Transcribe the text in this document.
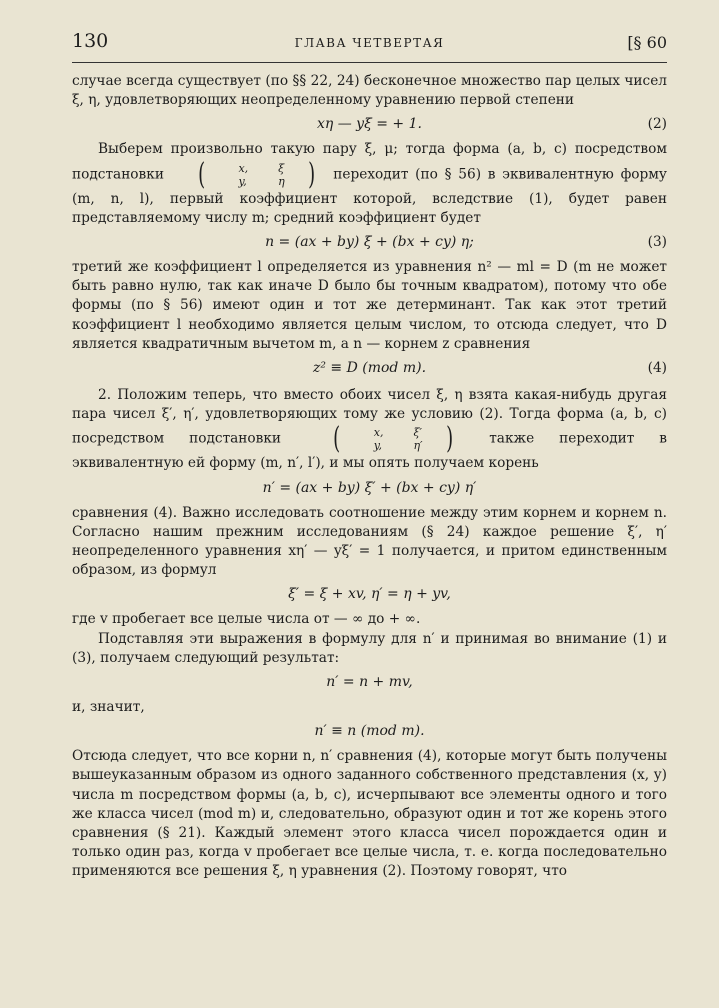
130	ГЛАВА ЧЕТВЕРТАЯ	[§ 60

случае всегда существует (по §§ 22, 24) бесконечное множество пар целых чисел ξ, η, удовлетворяющих неопределенному уравнению первой степени

xη — yξ = + 1.	(2)

Выберем произвольно такую пару ξ, μ; тогда форма (a, b, c) посредством подстановки	(	x,	ξ
y,	η ) переходит (по § 56) в эквивалентную форму (m, n, l), первый коэффициент которой, вследствие (1), будет равен представляемому числу m; средний коэффициент будет

n = (ax + by) ξ + (bx + cy) η;	(3)

третий же коэффициент l определяется из уравнения n² — ml = D (m не может быть равно нулю, так как иначе D было бы точным квадратом), потому что обе формы (по § 56) имеют один и тот же детерминант. Так как этот третий коэффициент l необходимо является целым числом, то отсюда следует, что D является квадратичным вычетом m, a n — корнем z сравнения

z² ≡ D (mod m).	(4)

2. Положим теперь, что вместо обоих чисел ξ, η взята какая-нибудь другая пара чисел ξ′, η′, удовлетворяющих тому же условию (2). Тогда форма (a, b, c) посредством подстановки	(	x,	ξ′
y,	η′ )	также переходит в эквивалентную ей форму (m, n′, l′), и мы опять получаем корень

n′ = (ax + by) ξ′ + (bx + cy) η′

сравнения (4). Важно исследовать соотношение между этим корнем и корнем n. Согласно нашим прежним исследованиям (§ 24) каждое решение ξ′, η′ неопределенного уравнения xη′ — yξ′ = 1 получается, и притом единственным образом, из формул

ξ′ = ξ + xv, η′ = η + yv,

где v пробегает все целые числа от — ∞ до + ∞.

Подставляя эти выражения в формулу для n′ и принимая во внимание (1) и (3), получаем следующий результат:

n′ = n + mv,

и, значит,

n′ ≡ n (mod m).

Отсюда следует, что все корни n, n′ сравнения (4), которые могут быть получены вышеуказанным образом из одного заданного собственного представления (x, y) числа m посредством формы (a, b, c), исчерпывают все элементы одного и того же класса чисел (mod m) и, следовательно, образуют один и тот же корень этого сравнения (§ 21). Каждый элемент этого класса чисел порождается один и только один раз, когда v пробегает все целые числа, т. е. когда последовательно применяются все решения ξ, η уравнения (2). Поэтому говорят, что
